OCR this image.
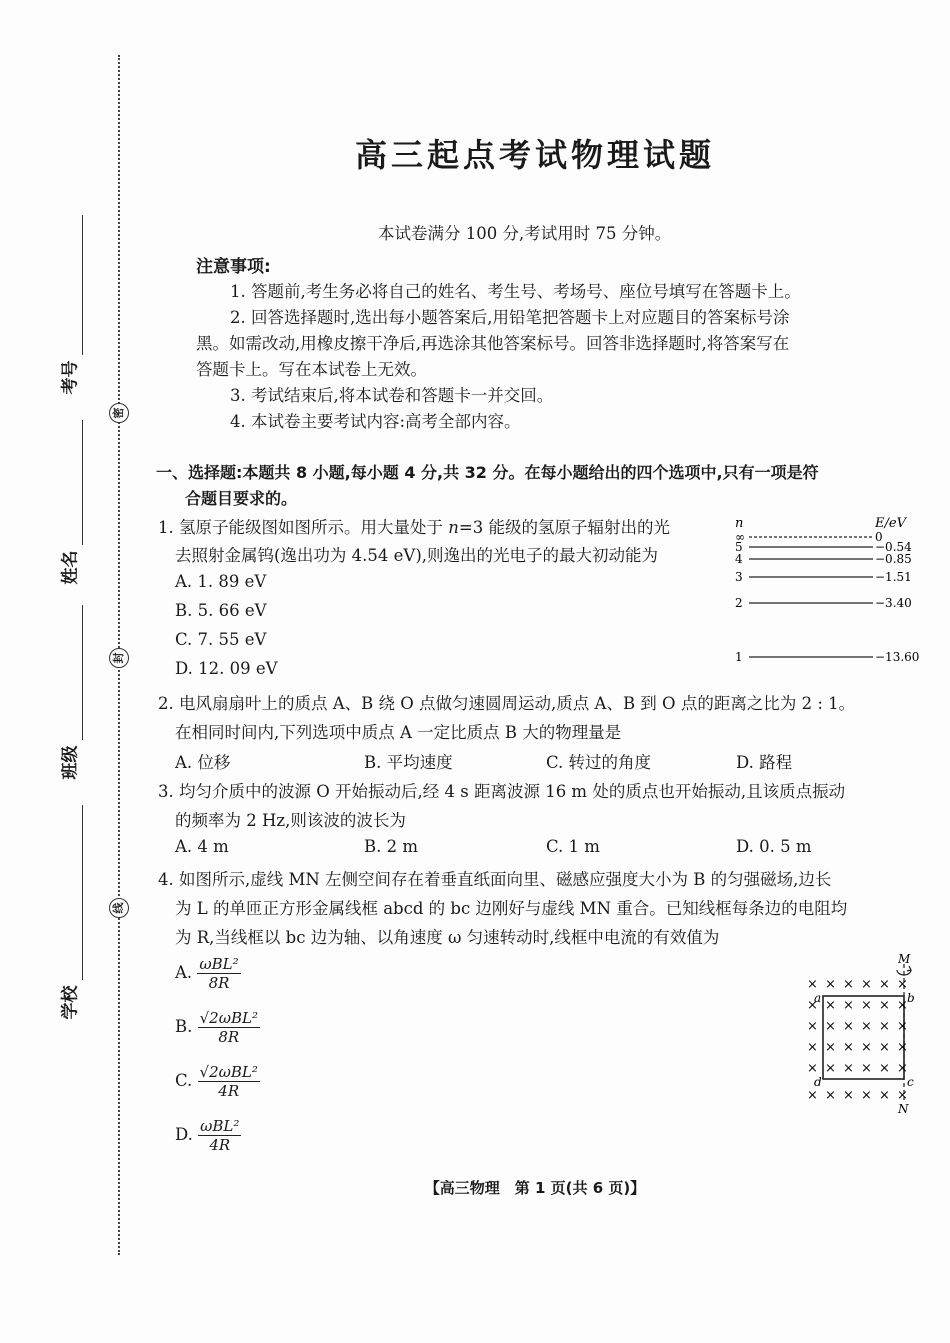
考号
密
姓名
封
班级
线
学校
高三起点考试物理试题
本试卷满分 100 分,考试用时 75 分钟。
注意事项:
1. 答题前,考生务必将自己的姓名、考生号、考场号、座位号填写在答题卡上。
2. 回答选择题时,选出每小题答案后,用铅笔把答题卡上对应题目的答案标号涂
黑。如需改动,用橡皮擦干净后,再选涂其他答案标号。回答非选择题时,将答案写在
答题卡上。写在本试卷上无效。
3. 考试结束后,将本试卷和答题卡一并交回。
4. 本试卷主要考试内容:高考全部内容。
一、选择题:本题共 8 小题,每小题 4 分,共 32 分。在每小题给出的四个选项中,只有一项是符
合题目要求的。
1. 氢原子能级图如图所示。用大量处于 n=3 能级的氢原子辐射出的光
去照射金属钨(逸出功为 4.54 eV),则逸出的光电子的最大初动能为
A. 1. 89 eV
B. 5. 66 eV
C. 7. 55 eV
D. 12. 09 eV
n	E/eV
∞	0
5	−0.54
4	−0.85
3	−1.51
2	−3.40
1	−13.60
2. 电风扇扇叶上的质点 A、B 绕 O 点做匀速圆周运动,质点 A、B 到 O 点的距离之比为 2 : 1。
在相同时间内,下列选项中质点 A 一定比质点 B 大的物理量是
A. 位移	B. 平均速度	C. 转过的角度	D. 路程
3. 均匀介质中的波源 O 开始振动后,经 4 s 距离波源 16 m 处的质点也开始振动,且该质点振动
的频率为 2 Hz,则该波的波长为
A. 4 m	B. 2 m	C. 1 m	D. 0. 5 m
4. 如图所示,虚线 MN 左侧空间存在着垂直纸面向里、磁感应强度大小为 B 的匀强磁场,边长
为 L 的单匝正方形金属线框 abcd 的 bc 边刚好与虚线 MN 重合。已知线框每条边的电阻均
为 R,当线框以 bc 边为轴、以角速度 ω 匀速转动时,线框中电流的有效值为
A. $\frac{\text{ωBL²}}{8R}$
B. $\frac{\text{√2ωBL²}}{8R}$
C. $\frac{\text{√2ωBL²}}{4R}$
D. $\frac{\text{ωBL²}}{4R}$
M
N
a	b
c
d
× × × × × ×
× × × × × ×
× × × × × ×
× × × × × ×
× × × × × ×
× × × × × ×
【高三物理　第 1 页(共 6 页)】
